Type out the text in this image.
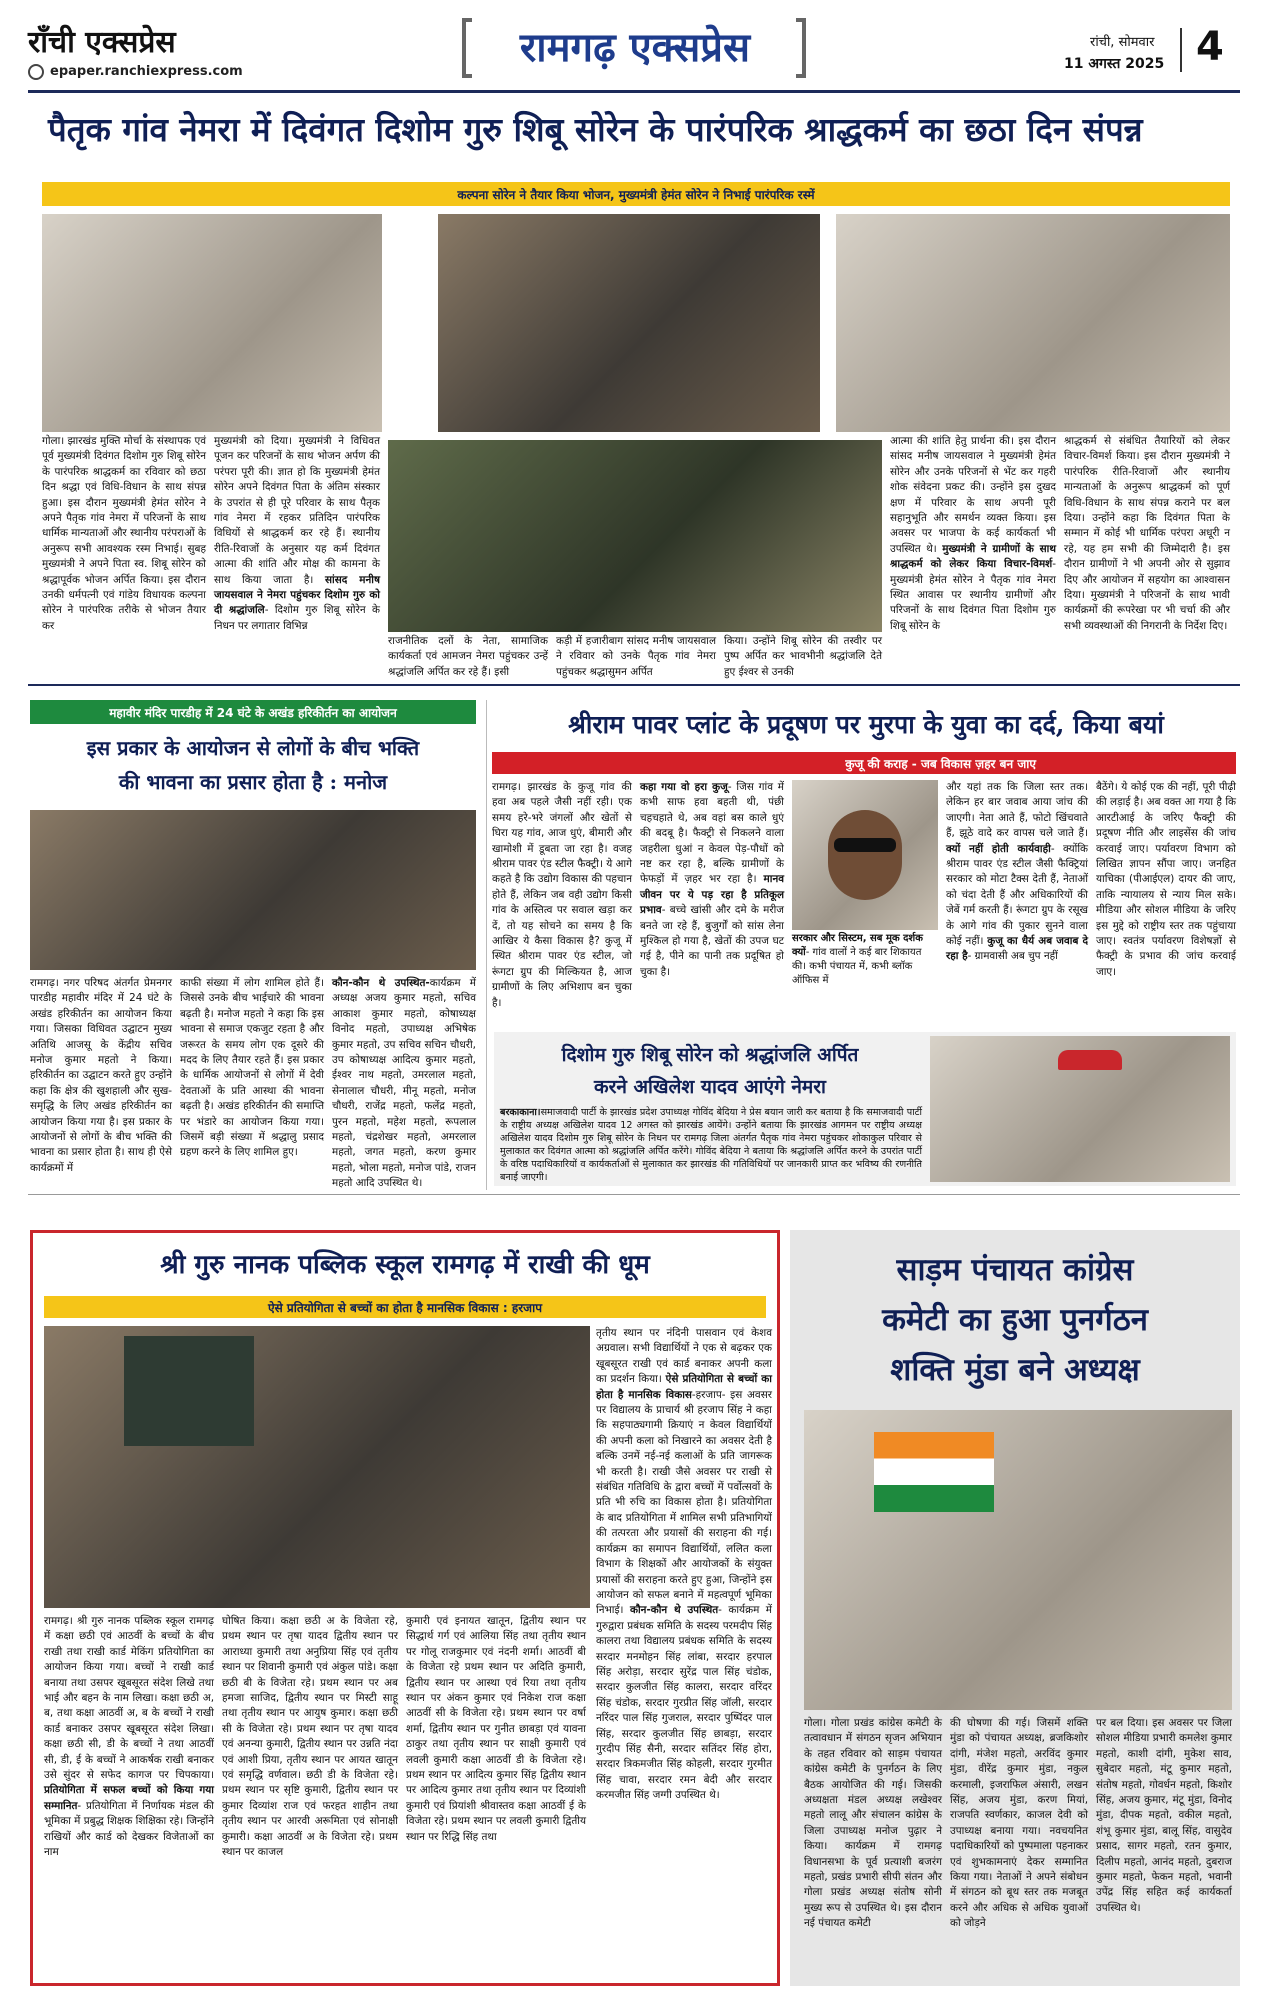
राँची एक्सप्रेस
epaper.ranchiexpress.com
रामगढ़ एक्सप्रेस	रांची, सोमवार
11 अगस्त 2025 4
पैतृक गांव नेमरा में दिवंगत दिशोम गुरु शिबू सोरेन के पारंपरिक श्राद्धकर्म का छठा दिन संपन्न
कल्पना सोरेन ने तैयार किया भोजन, मुख्यमंत्री हेमंत सोरेन ने निभाई पारंपरिक रस्में
गोला। झारखंड मुक्ति मोर्चा के संस्थापक एवं पूर्व मुख्यमंत्री दिवंगत दिशोम गुरु शिबू सोरेन के पारंपरिक श्राद्धकर्म का रविवार को छठा दिन श्रद्धा एवं विधि-विधान के साथ संपन्न हुआ। इस दौरान मुख्यमंत्री हेमंत सोरेन ने अपने पैतृक गांव नेमरा में परिजनों के साथ धार्मिक मान्यताओं और स्थानीय परंपराओं के अनुरूप सभी आवश्यक रस्म निभाई। सुबह मुख्यमंत्री ने अपने पिता स्व. शिबू सोरेन को श्रद्धापूर्वक भोजन अर्पित किया। इस दौरान उनकी धर्मपत्नी एवं गांडेय विधायक कल्पना सोरेन ने पारंपरिक तरीके से भोजन तैयार कर
मुख्यमंत्री को दिया। मुख्यमंत्री ने विधिवत पूजन कर परिजनों के साथ भोजन अर्पण की परंपरा पूरी की। ज्ञात हो कि मुख्यमंत्री हेमंत सोरेन अपने दिवंगत पिता के अंतिम संस्कार के उपरांत से ही पूरे परिवार के साथ पैतृक गांव नेमरा में रहकर प्रतिदिन पारंपरिक विधियों से श्राद्धकर्म कर रहे हैं। स्थानीय रीति-रिवाजों के अनुसार यह कर्म दिवंगत आत्मा की शांति और मोक्ष की कामना के साथ किया जाता है। सांसद मनीष जायसवाल ने नेमरा पहुंचकर दिशोम गुरु को दी श्रद्धांजलि- दिशोम गुरु शिबू सोरेन के निधन पर लगातार विभिन्न
राजनीतिक दलों के नेता, सामाजिक कार्यकर्ता एवं आमजन नेमरा पहुंचकर उन्हें श्रद्धांजलि अर्पित कर रहे हैं। इसी
कड़ी में हजारीबाग सांसद मनीष जायसवाल ने रविवार को उनके पैतृक गांव नेमरा पहुंचकर श्रद्धासुमन अर्पित
किया। उन्होंने शिबू सोरेन की तस्वीर पर पुष्प अर्पित कर भावभीनी श्रद्धांजलि देते हुए ईश्वर से उनकी
आत्मा की शांति हेतु प्रार्थना की। इस दौरान सांसद मनीष जायसवाल ने मुख्यमंत्री हेमंत सोरेन और उनके परिजनों से भेंट कर गहरी शोक संवेदना प्रकट की। उन्होंने इस दुखद क्षण में परिवार के साथ अपनी पूरी सहानुभूति और समर्थन व्यक्त किया। इस अवसर पर भाजपा के कई कार्यकर्ता भी उपस्थित थे। मुख्यमंत्री ने ग्रामीणों के साथ श्राद्धकर्म को लेकर किया विचार-विमर्श- मुख्यमंत्री हेमंत सोरेन ने पैतृक गांव नेमरा स्थित आवास पर स्थानीय ग्रामीणों और परिजनों के साथ दिवंगत पिता दिशोम गुरु शिबू सोरेन के
श्राद्धकर्म से संबंधित तैयारियों को लेकर विचार-विमर्श किया। इस दौरान मुख्यमंत्री ने पारंपरिक रीति-रिवाजों और स्थानीय मान्यताओं के अनुरूप श्राद्धकर्म को पूर्ण विधि-विधान के साथ संपन्न कराने पर बल दिया। उन्होंने कहा कि दिवंगत पिता के सम्मान में कोई भी धार्मिक परंपरा अधूरी न रहे, यह हम सभी की जिम्मेदारी है। इस दौरान ग्रामीणों ने भी अपनी ओर से सुझाव दिए और आयोजन में सहयोग का आश्वासन दिया। मुख्यमंत्री ने परिजनों के साथ भावी कार्यक्रमों की रूपरेखा पर भी चर्चा की और सभी व्यवस्थाओं की निगरानी के निर्देश दिए।
महावीर मंदिर पारडीह में 24 घंटे के अखंड हरिकीर्तन का आयोजन
इस प्रकार के आयोजन से लोगों के बीच भक्ति
की भावना का प्रसार होता है : मनोज
रामगढ़। नगर परिषद अंतर्गत प्रेमनगर पारडीह महावीर मंदिर में 24 घंटे के अखंड हरिकीर्तन का आयोजन किया गया। जिसका विधिवत उद्घाटन मुख्य अतिथि आजसू के केंद्रीय सचिव मनोज कुमार महतो ने किया। हरिकीर्तन का उद्घाटन करते हुए उन्होंने कहा कि क्षेत्र की खुशहाली और सुख-समृद्धि के लिए अखंड हरिकीर्तन का आयोजन किया गया है। इस प्रकार के आयोजनों से लोगों के बीच भक्ति की भावना का प्रसार होता है। साथ ही ऐसे कार्यक्रमों में
काफी संख्या में लोग शामिल होते हैं। जिससे उनके बीच भाईचारे की भावना बढ़ती है। मनोज महतो ने कहा कि इस भावना से समाज एकजुट रहता है और जरूरत के समय लोग एक दूसरे की मदद के लिए तैयार रहते हैं। इस प्रकार के धार्मिक आयोजनों से लोगों में देवी देवताओं के प्रति आस्था की भावना बढ़ती है। अखंड हरिकीर्तन की समाप्ति पर भंडारे का आयोजन किया गया। जिसमें बड़ी संख्या में श्रद्धालु प्रसाद ग्रहण करने के लिए शामिल हुए।
कौन-कौन थे उपस्थित-कार्यक्रम में अध्यक्ष अजय कुमार महतो, सचिव आकाश कुमार महतो, कोषाध्यक्ष विनोद महतो, उपाध्यक्ष अभिषेक कुमार महतो, उप सचिव सचिन चौधरी, उप कोषाध्यक्ष आदित्य कुमार महतो, ईश्वर नाथ महतो, उमरलाल महतो, सेनालाल चौधरी, मीनू महतो, मनोज चौधरी, राजेंद्र महतो, फलेंद्र महतो, पुरन महतो, महेश महतो, रूपलाल महतो, चंद्रशेखर महतो, अमरलाल महतो, जगत महतो, करण कुमार महतो, भोला महतो, मनोज पांडे, राजन महतो आदि उपस्थित थे।
श्रीराम पावर प्लांट के प्रदूषण पर मुरपा के युवा का दर्द, किया बयां
कुजू की कराह - जब विकास ज़हर बन जाए
रामगढ़। झारखंड के कुजू गांव की हवा अब पहले जैसी नहीं रही। एक समय हरे-भरे जंगलों और खेतों से घिरा यह गांव, आज धुएं, बीमारी और खामोशी में डूबता जा रहा है। वजह श्रीराम पावर एंड स्टील फैक्ट्री। ये आगे कहते है कि उद्योग विकास की पहचान होते हैं, लेकिन जब वही उद्योग किसी गांव के अस्तित्व पर सवाल खड़ा कर दें, तो यह सोचने का समय है कि आखिर ये कैसा विकास है? कुजू में स्थित श्रीराम पावर एंड स्टील, जो रूंगटा ग्रुप की मिल्कियत है, आज ग्रामीणों के लिए अभिशाप बन चुका है।
कहा गया वो हरा कुजू- जिस गांव में कभी साफ हवा बहती थी, पंछी चहचहाते थे, अब वहां बस काले धुएं की बदबू है। फैक्ट्री से निकलने वाला जहरीला धुआं न केवल पेड़-पौधों को नष्ट कर रहा है, बल्कि ग्रामीणों के फेफड़ों में ज़हर भर रहा है। मानव जीवन पर ये पड़ रहा है प्रतिकूल प्रभाव- बच्चे खांसी और दमे के मरीज बनते जा रहे हैं, बुजुर्गों को सांस लेना मुश्किल हो गया है, खेतों की उपज घट गई है, पीने का पानी तक प्रदूषित हो चुका है।
सरकार और सिस्टम, सब मूक दर्शक क्यों- गांव वालों ने कई बार शिकायत की। कभी पंचायत में, कभी ब्लॉक ऑफिस में
और यहां तक कि जिला स्तर तक। लेकिन हर बार जवाब आया जांच की जाएगी। नेता आते हैं, फोटो खिंचवाते हैं, झूठे वादे कर वापस चले जाते हैं। क्यों नहीं होती कार्यवाही- क्योंकि श्रीराम पावर एंड स्टील जैसी फैक्ट्रियां सरकार को मोटा टैक्स देती हैं, नेताओं को चंदा देती हैं और अधिकारियों की जेबें गर्म करती हैं। रूंगटा ग्रुप के रसूख के आगे गांव की पुकार सुनने वाला कोई नहीं। कुजू का धैर्य अब जवाब दे रहा है- ग्रामवासी अब चुप नहीं
बैठेंगे। ये कोई एक की नहीं, पूरी पीढ़ी की लड़ाई है। अब वक्त आ गया है कि आरटीआई के जरिए फैक्ट्री की प्रदूषण नीति और लाइसेंस की जांच करवाई जाए। पर्यावरण विभाग को लिखित ज्ञापन सौंपा जाए। जनहित याचिका (पीआईएल) दायर की जाए, ताकि न्यायालय से न्याय मिल सके। मीडिया और सोशल मीडिया के जरिए इस मुद्दे को राष्ट्रीय स्तर तक पहुंचाया जाए। स्वतंत्र पर्यावरण विशेषज्ञों से फैक्ट्री के प्रभाव की जांच करवाई जाए।
दिशोम गुरु शिबू सोरेन को श्रद्धांजलि अर्पित
करने अखिलेश यादव आएंगे नेमरा
बरकाकाना।समाजवादी पार्टी के झारखंड प्रदेश उपाध्यक्ष गोविंद बेदिया ने प्रेस बयान जारी कर बताया है कि समाजवादी पार्टी के राष्ट्रीय अध्यक्ष अखिलेश यादव 12 अगस्त को झारखंड आयेंगे। उन्होंने बताया कि झारखंड आगमन पर राष्ट्रीय अध्यक्ष अखिलेश यादव दिशोम गुरु शिबू सोरेन के निधन पर रामगढ़ जिला अंतर्गत पैतृक गांव नेमरा पहुंचकर शोकाकुल परिवार से मुलाकात कर दिवंगत आत्मा को श्रद्धांजलि अर्पित करेंगे। गोविंद बेदिया ने बताया कि श्रद्धांजलि अर्पित करने के उपरांत पार्टी के वरिष्ठ पदाधिकारियों व कार्यकर्ताओं से मुलाकात कर झारखंड की गतिविधियों पर जानकारी प्राप्त कर भविष्य की रणनीति बनाई जाएगी।
श्री गुरु नानक पब्लिक स्कूल रामगढ़ में राखी की धूम
ऐसे प्रतियोगिता से बच्चों का होता है मानसिक विकास : हरजाप
रामगढ़। श्री गुरु नानक पब्लिक स्कूल रामगढ़ में कक्षा छठी एवं आठवीं के बच्चों के बीच राखी तथा राखी कार्ड मेकिंग प्रतियोगिता का आयोजन किया गया। बच्चों ने राखी कार्ड बनाया तथा उसपर खूबसूरत संदेश लिखे तथा भाई और बहन के नाम लिखा। कक्षा छठी अ, ब, तथा कक्षा आठवीं अ, ब के बच्चों ने राखी कार्ड बनाकर उसपर खूबसूरत संदेश लिखा। कक्षा छठी सी, डी के बच्चों ने तथा आठवीं सी, डी, ई के बच्चों ने आकर्षक राखी बनाकर उसे सुंदर से सफेद कागज पर चिपकाया। प्रतियोगिता में सफल बच्चों को किया गया सम्मानित- प्रतियोगिता में निर्णायक मंडल की भूमिका में प्रबुद्ध शिक्षक शिक्षिका रहे। जिन्होंने राखियों और कार्ड को देखकर विजेताओं का नाम
घोषित किया। कक्षा छठी अ के विजेता रहे, प्रथम स्थान पर तृषा यादव द्वितीय स्थान पर आराध्या कुमारी तथा अनुप्रिया सिंह एवं तृतीय स्थान पर शिवानी कुमारी एवं अंकुल पांडे। कक्षा छठी बी के विजेता रहे। प्रथम स्थान पर अब हमजा साजिद, द्वितीय स्थान पर मिस्टी साहू तथा तृतीय स्थान पर आयुष कुमार। कक्षा छठी सी के विजेता रहे। प्रथम स्थान पर तृषा यादव एवं अनन्या कुमारी, द्वितीय स्थान पर उन्नति नंदा एवं आशी प्रिया, तृतीय स्थान पर आयत खातून एवं समृद्धि वर्णवाल। छठी डी के विजेता रहे। प्रथम स्थान पर सृष्टि कुमारी, द्वितीय स्थान पर कुमार दिव्यांश राज एवं फरहत शाहीन तथा तृतीय स्थान पर आरवी अरूमिता एवं सोनाक्षी कुमारी। कक्षा आठवीं अ के विजेता रहे। प्रथम स्थान पर काजल
कुमारी एवं इनायत खातून, द्वितीय स्थान पर सिद्धार्थ गर्ग एवं आलिया सिंह तथा तृतीय स्थान पर गोलू राजकुमार एवं नंदनी शर्मा। आठवीं बी के विजेता रहे प्रथम स्थान पर अदिति कुमारी, द्वितीय स्थान पर आस्था एवं रिया तथा तृतीय स्थान पर अंकन कुमार एवं निकेश राज कक्षा आठवीं सी के विजेता रहे। प्रथम स्थान पर वर्षा शर्मा, द्वितीय स्थान पर गुनीत छाबड़ा एवं यावना ठाकुर तथा तृतीय स्थान पर साक्षी कुमारी एवं लवली कुमारी कक्षा आठवीं डी के विजेता रहे। प्रथम स्थान पर आदित्य कुमार सिंह द्वितीय स्थान पर आदित्य कुमार तथा तृतीय स्थान पर दिव्यांशी कुमारी एवं प्रियांशी श्रीवास्तव कक्षा आठवीं ई के विजेता रहे। प्रथम स्थान पर लवली कुमारी द्वितीय स्थान पर रिद्धि सिंह तथा
तृतीय स्थान पर नंदिनी पासवान एवं केशव अग्रवाल। सभी विद्यार्थियों ने एक से बढ़कर एक खूबसूरत राखी एवं कार्ड बनाकर अपनी कला का प्रदर्शन किया। ऐसे प्रतियोगिता से बच्चों का होता है मानसिक विकास-हरजाप- इस अवसर पर विद्यालय के प्राचार्य श्री हरजाप सिंह ने कहा कि सहपाठ्यगामी क्रियाएं न केवल विद्यार्थियों की अपनी कला को निखारने का अवसर देती है बल्कि उनमें नई-नई कलाओं के प्रति जागरूक भी करती है। राखी जैसे अवसर पर राखी से संबंधित गतिविधि के द्वारा बच्चों में पर्वोत्सवों के प्रति भी रुचि का विकास होता है। प्रतियोगिता के बाद प्रतियोगिता में शामिल सभी प्रतिभागियों की तत्परता और प्रयासों की सराहना की गई। कार्यक्रम का समापन विद्यार्थियों, ललित कला विभाग के शिक्षकों और आयोजकों के संयुक्त प्रयासों की सराहना करते हुए हुआ, जिन्होंने इस आयोजन को सफल बनाने में महत्वपूर्ण भूमिका निभाई। कौन-कौन थे उपस्थित- कार्यक्रम में गुरुद्वारा प्रबंधक समिति के सदस्य परमदीप सिंह कालरा तथा विद्यालय प्रबंधक समिति के सदस्य सरदार मनमोहन सिंह लांबा, सरदार हरपाल सिंह अरोड़ा, सरदार सुरेंद्र पाल सिंह चंडोक, सरदार कुलजीत सिंह कालरा, सरदार वरिंदर सिंह चंडोक, सरदार गुरप्रीत सिंह जॉली, सरदार नरिंदर पाल सिंह गुजराल, सरदार पुष्पिंदर पाल सिंह, सरदार कुलजीत सिंह छाबड़ा, सरदार गुरदीप सिंह सैनी, सरदार सतिंदर सिंह होरा, सरदार त्रिकमजीत सिंह कोहली, सरदार गुरमीत सिंह चावा, सरदार रमन बेदी और सरदार करमजीत सिंह जग्गी उपस्थित थे।
साड़म पंचायत कांग्रेस
कमेटी का हुआ पुनर्गठन
शक्ति मुंडा बने अध्यक्ष
गोला। गोला प्रखंड कांग्रेस कमेटी के तत्वावधान में संगठन सृजन अभियान के तहत रविवार को साड़म पंचायत कांग्रेस कमेटी के पुनर्गठन के लिए बैठक आयोजित की गई। जिसकी अध्यक्षता मंडल अध्यक्ष लखेश्वर महतो लालू और संचालन कांग्रेस के जिला उपाध्यक्ष मनोज पुढ़ार ने किया। कार्यक्रम में रामगढ़ विधानसभा के पूर्व प्रत्याशी बजरंग महतो, प्रखंड प्रभारी सीपी संतन और गोला प्रखंड अध्यक्ष संतोष सोनी मुख्य रूप से उपस्थित थे। इस दौरान नई पंचायत कमेटी
की घोषणा की गई। जिसमें शक्ति मुंडा को पंचायत अध्यक्ष, ब्रजकिशोर दांगी, मंजेश महतो, अरविंद कुमार मुंडा, वीरेंद्र कुमार मुंडा, नकुल करमाली, इजराफिल अंसारी, लखन सिंह, अजय मुंडा, करण मियां, राजपति स्वर्णकार, काजल देवी को उपाध्यक्ष बनाया गया। नवचयनित पदाधिकारियों को पुष्पमाला पहनाकर एवं शुभकामनाएं देकर सम्मानित किया गया। नेताओं ने अपने संबोधन में संगठन को बूथ स्तर तक मजबूत करने और अधिक से अधिक युवाओं को जोड़ने
पर बल दिया। इस अवसर पर जिला सोशल मीडिया प्रभारी कमलेश कुमार महतो, काशी दांगी, मुकेश साव, सुबेदार महतो, मंटू कुमार महतो, संतोष महतो, गोवर्धन महतो, किशोर सिंह, अजय कुमार, मंटू मुंडा, विनोद मुंडा, दीपक महतो, वकील महतो, शंभू कुमार मुंडा, बालू सिंह, वासुदेव प्रसाद, सागर महतो, रतन कुमार, दिलीप महतो, आनंद महतो, दुबराज कुमार महतो, फेकन महतो, भवानी उपेंद्र सिंह सहित कई कार्यकर्ता उपस्थित थे।
